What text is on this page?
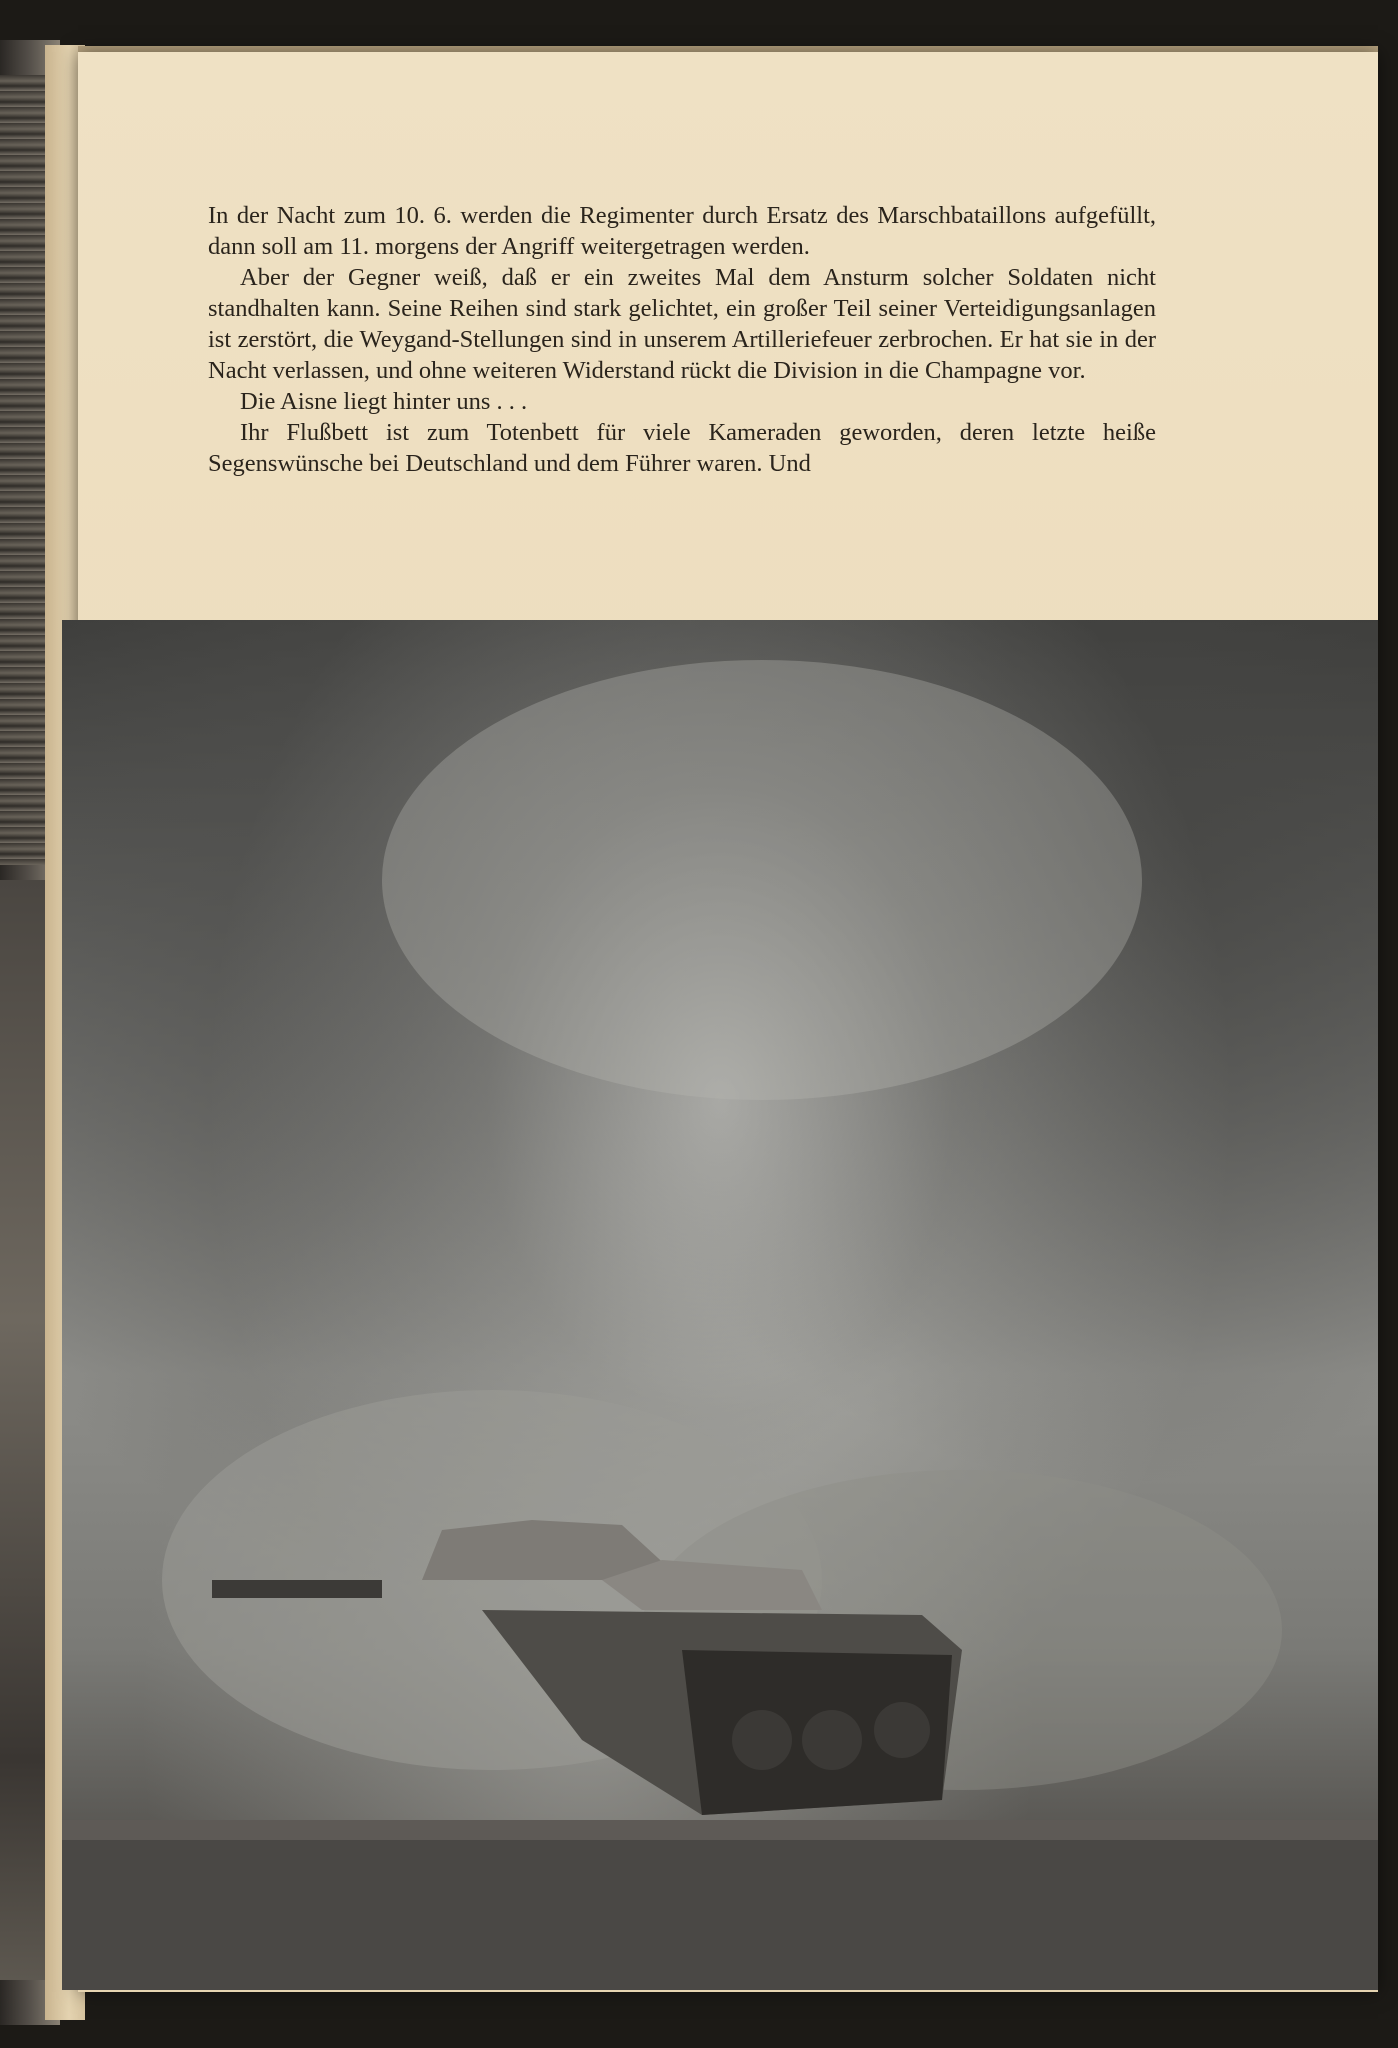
In der Nacht zum 10. 6. werden die Regimenter durch Ersatz des Marschbataillons aufgefüllt, dann soll am 11. morgens der Angriff weitergetragen werden.

Aber der Gegner weiß, daß er ein zweites Mal dem Ansturm solcher Soldaten nicht standhalten kann. Seine Reihen sind stark gelichtet, ein großer Teil seiner Verteidigungsanlagen ist zerstört, die Weygand-Stellungen sind in unserem Artilleriefeuer zerbrochen. Er hat sie in der Nacht verlassen, und ohne weiteren Widerstand rückt die Division in die Champagne vor.

Die Aisne liegt hinter uns . . .

Ihr Flußbett ist zum Totenbett für viele Kameraden geworden, deren letzte heiße Segenswünsche bei Deutschland und dem Führer waren. Und
